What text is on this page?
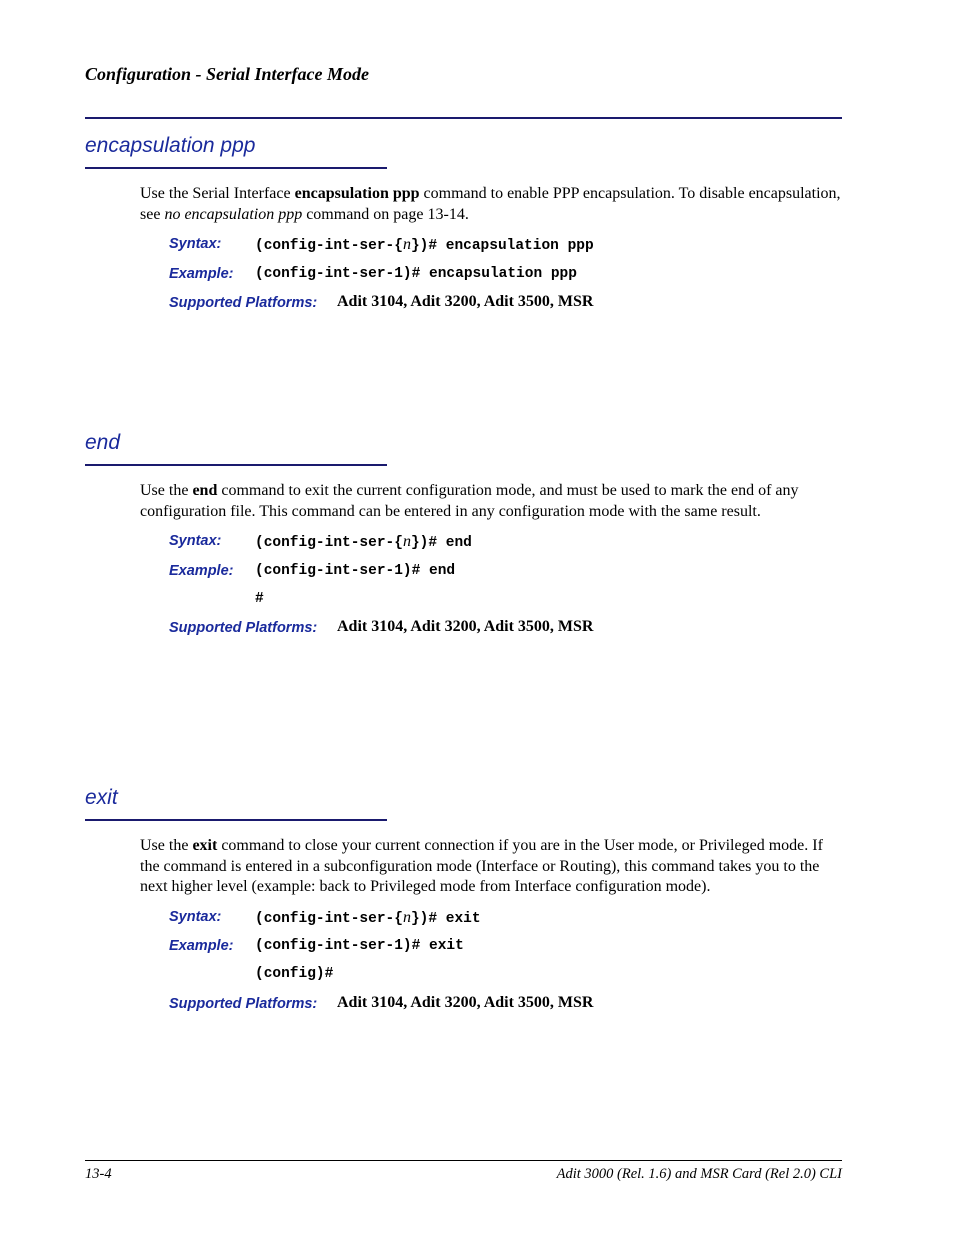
Configuration - Serial Interface Mode
encapsulation ppp
Use the Serial Interface encapsulation ppp command to enable PPP encapsulation. To disable encapsulation, see no encapsulation ppp command on page 13-14.
Syntax: (config-int-ser-{n})# encapsulation ppp
Example: (config-int-ser-1)# encapsulation ppp
Supported Platforms: Adit 3104, Adit 3200, Adit 3500, MSR
end
Use the end command to exit the current configuration mode, and must be used to mark the end of any configuration file. This command can be entered in any configuration mode with the same result.
Syntax: (config-int-ser-{n})# end
Example: (config-int-ser-1)# end
#
Supported Platforms: Adit 3104, Adit 3200, Adit 3500, MSR
exit
Use the exit command to close your current connection if you are in the User mode, or Privileged mode. If the command is entered in a subconfiguration mode (Interface or Routing), this command takes you to the next higher level (example: back to Privileged mode from Interface configuration mode).
Syntax: (config-int-ser-{n})# exit
Example: (config-int-ser-1)# exit
(config)#
Supported Platforms: Adit 3104, Adit 3200, Adit 3500, MSR
13-4	Adit 3000 (Rel. 1.6) and MSR Card (Rel 2.0) CLI
